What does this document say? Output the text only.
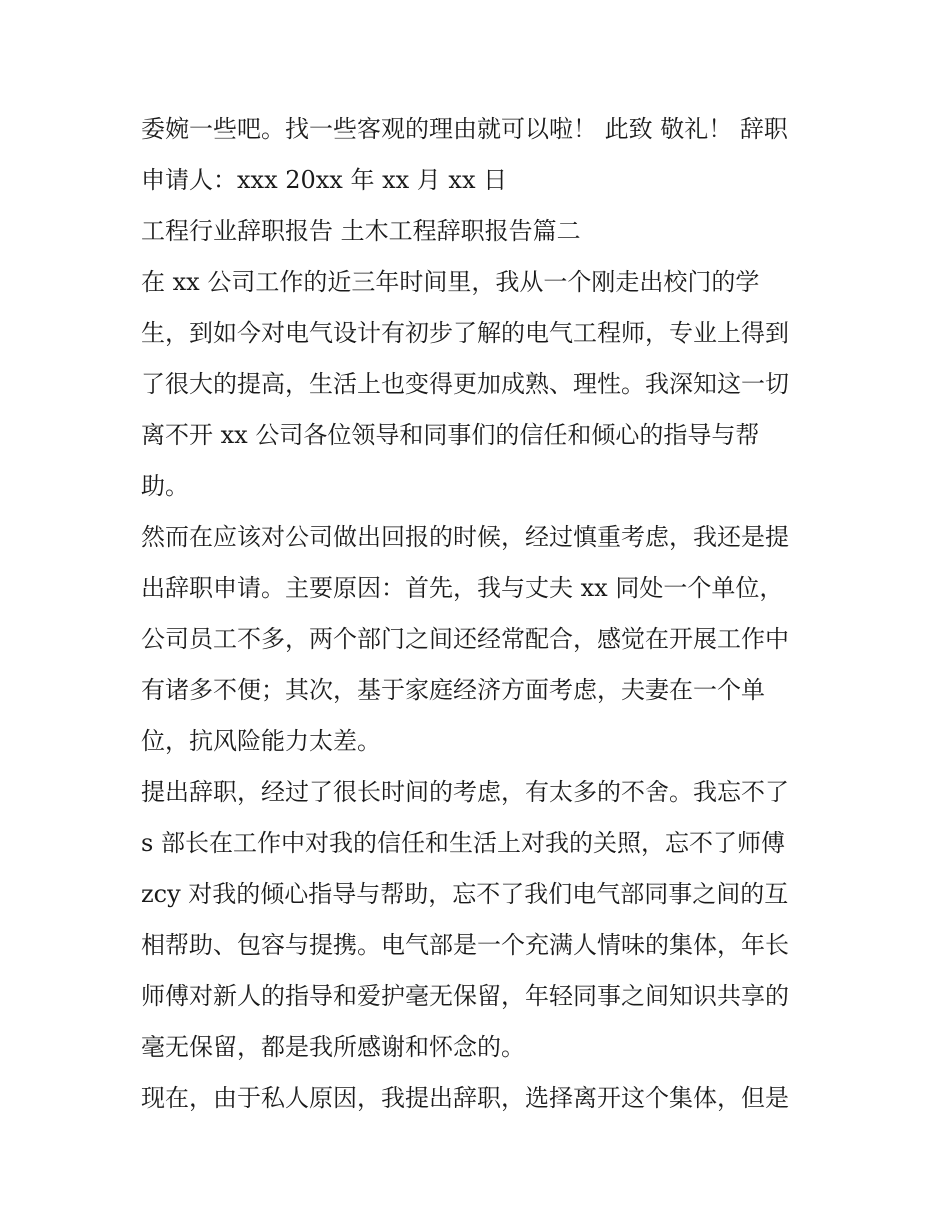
委婉一些吧。找一些客观的理由就可以啦！ 此致 敬礼！ 辞职
申请人：xxx 20xx 年 xx 月 xx 日
工程行业辞职报告 土木工程辞职报告篇二
在 xx 公司工作的近三年时间里，我从一个刚走出校门的学
生，到如今对电气设计有初步了解的电气工程师，专业上得到
了很大的提高，生活上也变得更加成熟、理性。我深知这一切
离不开 xx 公司各位领导和同事们的信任和倾心的指导与帮
助。
然而在应该对公司做出回报的时候，经过慎重考虑，我还是提
出辞职申请。主要原因：首先，我与丈夫 xx 同处一个单位，
公司员工不多，两个部门之间还经常配合，感觉在开展工作中
有诸多不便；其次，基于家庭经济方面考虑，夫妻在一个单
位，抗风险能力太差。
提出辞职，经过了很长时间的考虑，有太多的不舍。我忘不了
s 部长在工作中对我的信任和生活上对我的关照，忘不了师傅
zcy 对我的倾心指导与帮助，忘不了我们电气部同事之间的互
相帮助、包容与提携。电气部是一个充满人情味的集体，年长
师傅对新人的指导和爱护毫无保留，年轻同事之间知识共享的
毫无保留，都是我所感谢和怀念的。
现在，由于私人原因，我提出辞职，选择离开这个集体，但是
